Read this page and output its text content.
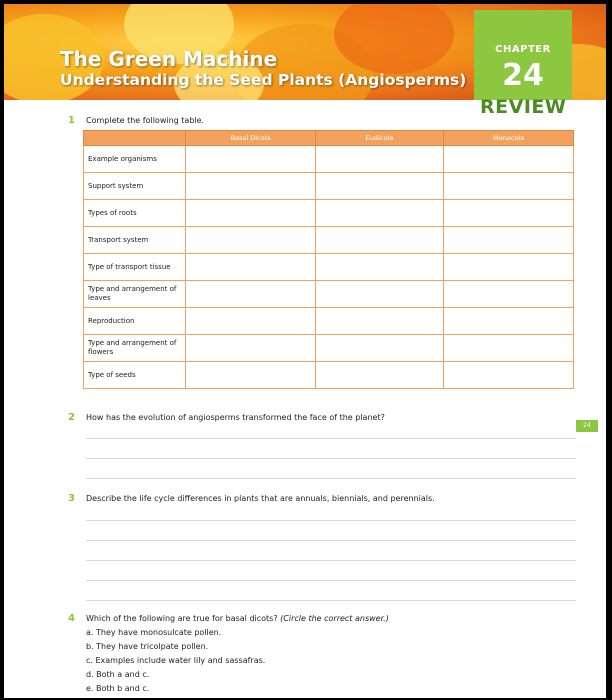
The Green Machine
Understanding the Seed Plants (Angiosperms)
CHAPTER
24
REVIEW
1 Complete the following table.
	Basal Dicots	Eudicots	Monocots
Example organisms			
Support system			
Types of roots			
Transport system			
Type of transport tissue			
Type and arrangement of leaves			
Reproduction			
Type and arrangement of flowers			
Type of seeds			
2 How has the evolution of angiosperms transformed the face of the planet?
24
3 Describe the life cycle differences in plants that are annuals, biennials, and perennials.
4 Which of the following are true for basal dicots? (Circle the correct answer.)
a. They have monosulcate pollen.
b. They have tricolpate pollen.
c. Examples include water lily and sassafras.
d. Both a and c.
e. Both b and c.
